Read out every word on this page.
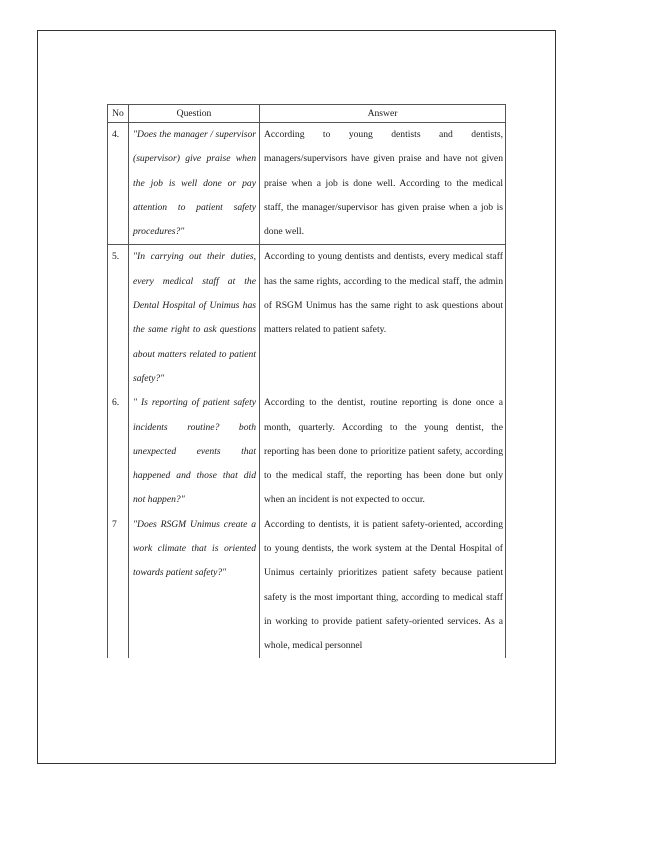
No	Question	Answer
4.	"Does the manager / supervisor (supervisor) give praise when the job is well done or pay attention to patient safety procedures?"	According to young dentists and dentists, managers/supervisors have given praise and have not given praise when a job is done well. According to the medical staff, the manager/supervisor has given praise when a job is done well.
5.	"In carrying out their duties, every medical staff at the Dental Hospital of Unimus has the same right to ask questions about matters related to patient safety?"	According to young dentists and dentists, every medical staff has the same rights, according to the medical staff, the admin of RSGM Unimus has the same right to ask questions about matters related to patient safety.
6.	" Is reporting of patient safety incidents routine? both unexpected events that happened and those that did not happen?"	According to the dentist, routine reporting is done once a month, quarterly. According to the young dentist, the reporting has been done to prioritize patient safety, according to the medical staff, the reporting has been done but only when an incident is not expected to occur.
7	"Does RSGM Unimus create a work climate that is oriented towards patient safety?"	According to dentists, it is patient safety-oriented, according to young dentists, the work system at the Dental Hospital of Unimus certainly prioritizes patient safety because patient safety is the most important thing, according to medical staff in working to provide patient safety-oriented services. As a whole, medical personnel
